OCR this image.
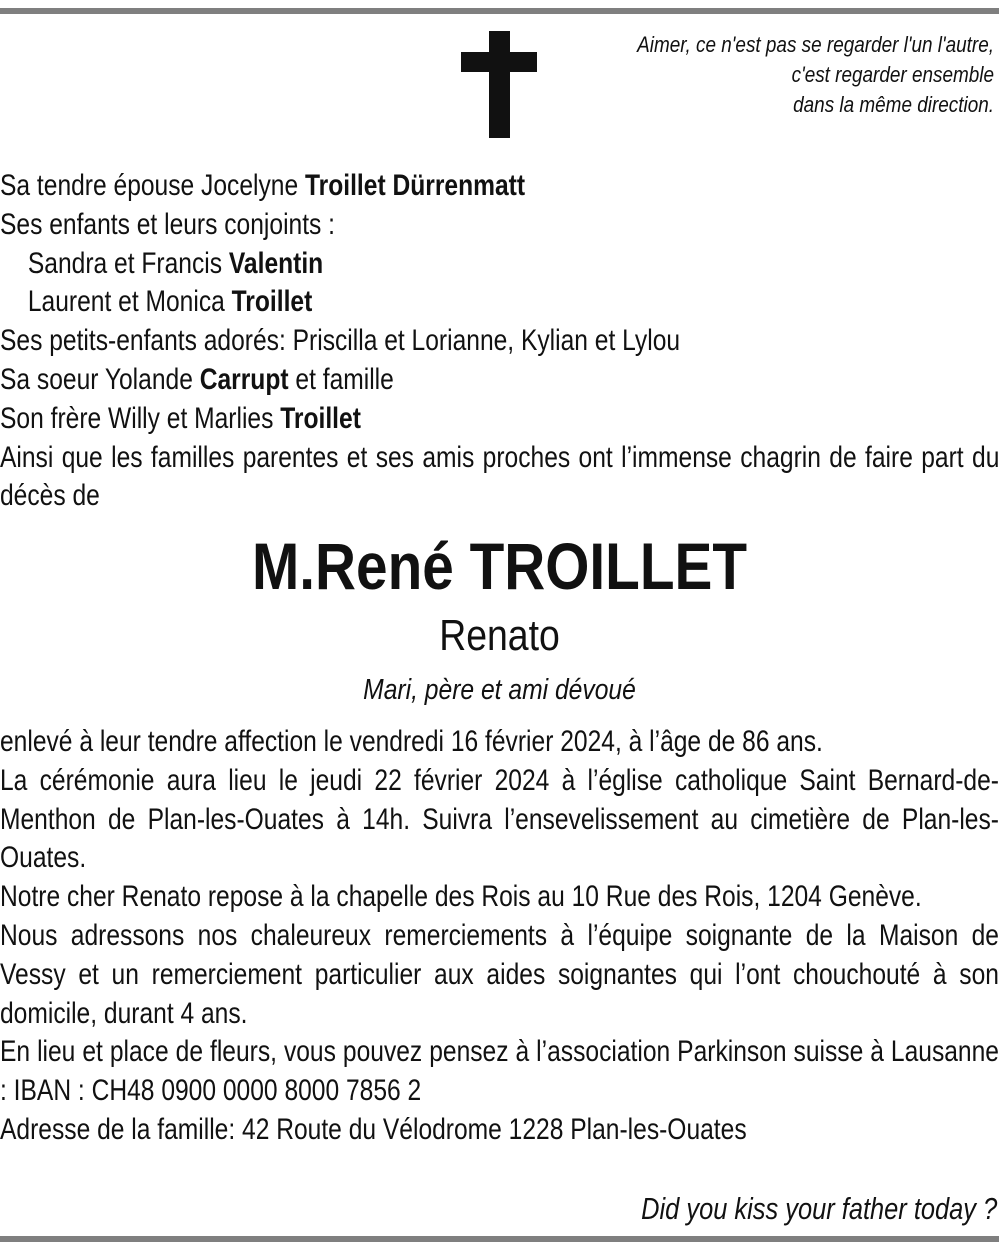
Aimer, ce n'est pas se regarder l'un l'autre,
c'est regarder ensemble
dans la même direction.
Sa tendre épouse Jocelyne Troillet Dürrenmatt
Ses enfants et leurs conjoints :
Sandra et Francis Valentin
Laurent et Monica Troillet
Ses petits-enfants adorés: Priscilla et Lorianne, Kylian et Lylou
Sa soeur Yolande Carrupt et famille
Son frère Willy et Marlies Troillet
Ainsi que les familles parentes et ses amis proches ont l’immense chagrin de faire part du décès de
M.René TROILLET
Renato
Mari, père et ami dévoué
enlevé à leur tendre affection le vendredi 16 février 2024, à l’âge de 86 ans.
La cérémonie aura lieu le jeudi 22 février 2024 à l’église catholique Saint Bernard-de-Menthon de Plan-les-Ouates à 14h. Suivra l’ensevelissement au cimetière de Plan-les-Ouates.
Notre cher Renato repose à la chapelle des Rois au 10 Rue des Rois, 1204 Genève.
Nous adressons nos chaleureux remerciements à l’équipe soignante de la Maison de Vessy et un remerciement particulier aux aides soignantes qui l’ont chouchouté à son domicile, durant 4 ans.
En lieu et place de fleurs, vous pouvez pensez à l’association Parkinson suisse à Lausanne : IBAN : CH48 0900 0000 8000 7856 2
Adresse de la famille: 42 Route du Vélodrome 1228 Plan-les-Ouates
Did you kiss your father today ?
